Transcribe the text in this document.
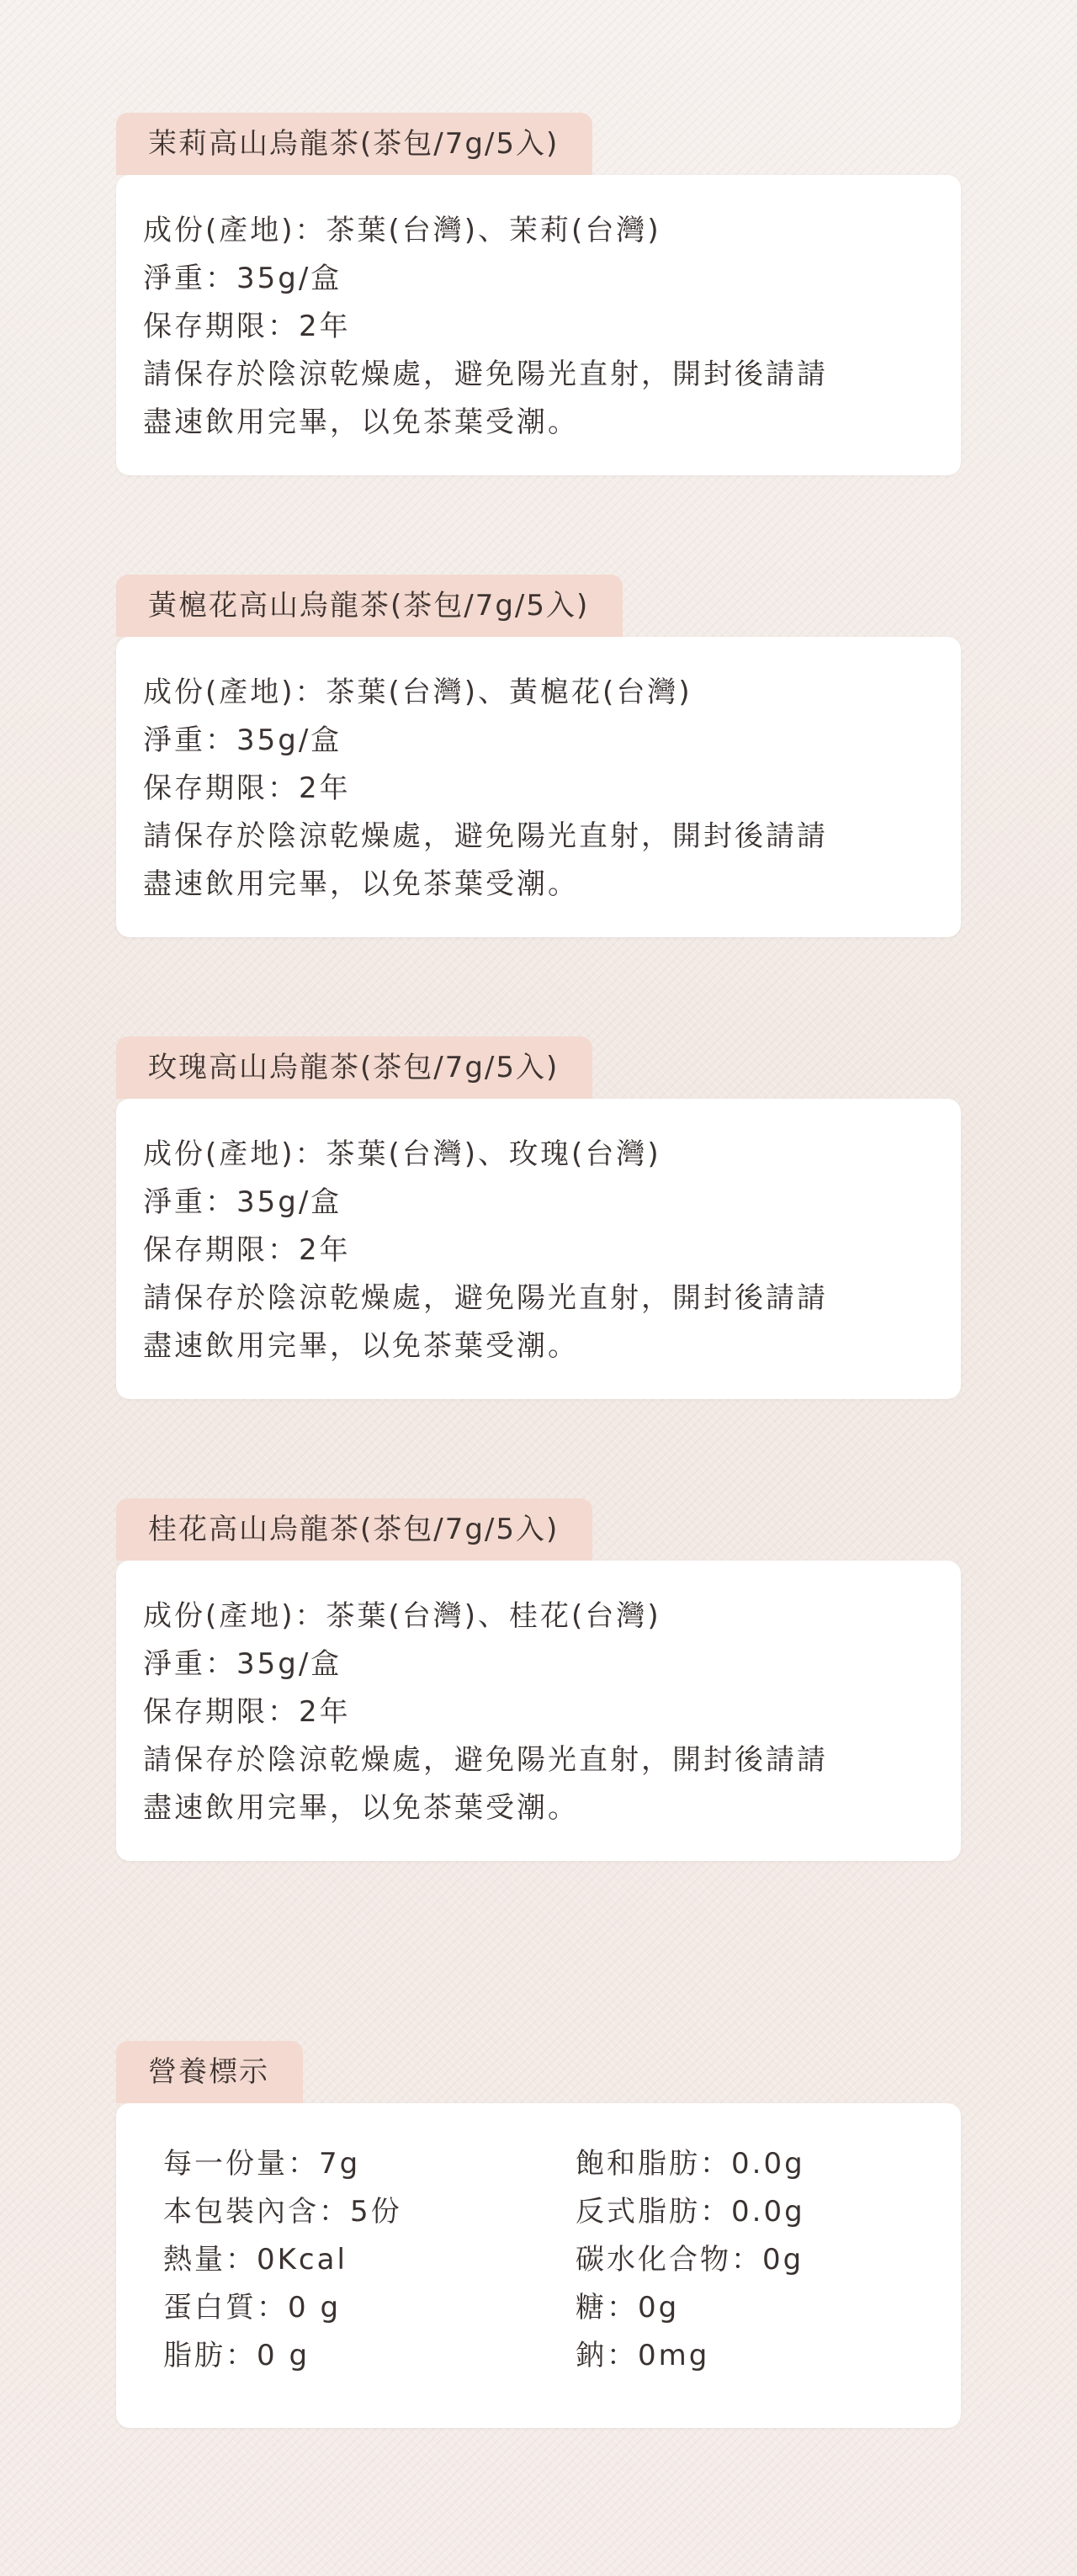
茉莉高山烏龍茶(茶包/7g/5入)
成份(產地)：茶葉(台灣)、茉莉(台灣)
淨重：35g/盒
保存期限：2年
請保存於陰涼乾燥處，避免陽光直射，開封後請請
盡速飲用完畢，以免茶葉受潮。
黃槴花高山烏龍茶(茶包/7g/5入)
成份(產地)：茶葉(台灣)、黃槴花(台灣)
淨重：35g/盒
保存期限：2年
請保存於陰涼乾燥處，避免陽光直射，開封後請請
盡速飲用完畢，以免茶葉受潮。
玫瑰高山烏龍茶(茶包/7g/5入)
成份(產地)：茶葉(台灣)、玫瑰(台灣)
淨重：35g/盒
保存期限：2年
請保存於陰涼乾燥處，避免陽光直射，開封後請請
盡速飲用完畢，以免茶葉受潮。
桂花高山烏龍茶(茶包/7g/5入)
成份(產地)：茶葉(台灣)、桂花(台灣)
淨重：35g/盒
保存期限：2年
請保存於陰涼乾燥處，避免陽光直射，開封後請請
盡速飲用完畢，以免茶葉受潮。
營養標示
每一份量：7g
本包裝內含：5份
熱量：0Kcal
蛋白質：0 g
脂肪：0 g
飽和脂肪：0.0g
反式脂肪：0.0g
碳水化合物：0g
糖：0g
鈉：0mg
